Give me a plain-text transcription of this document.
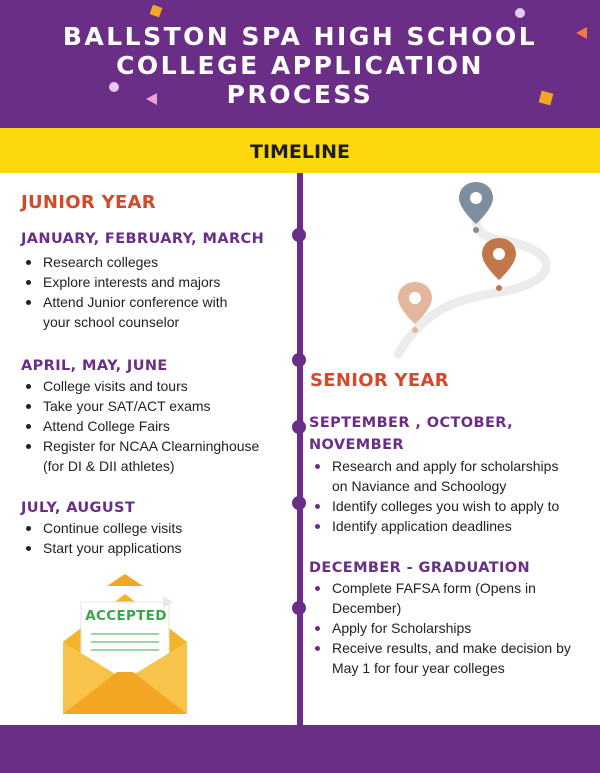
BALLSTON SPA HIGH SCHOOL
COLLEGE APPLICATION
PROCESS
TIMELINE
JUNIOR YEAR
JANUARY, FEBRUARY, MARCH
Research colleges
Explore interests and majors
Attend Junior conference with
your school counselor
APRIL, MAY, JUNE
College visits and tours
Take your SAT/ACT exams
Attend College Fairs
Register for NCAA Clearninghouse
(for DI & DII athletes)
JULY, AUGUST
Continue college visits
Start your applications
ACCEPTED
SENIOR YEAR
SEPTEMBER , OCTOBER,
NOVEMBER
Research and apply for scholarships
on Naviance and Schoology
Identify colleges you wish to apply to
Identify application deadlines
DECEMBER - GRADUATION
Complete FAFSA form (Opens in
December)
Apply for Scholarships
Receive results, and make decision by
May 1 for four year colleges
